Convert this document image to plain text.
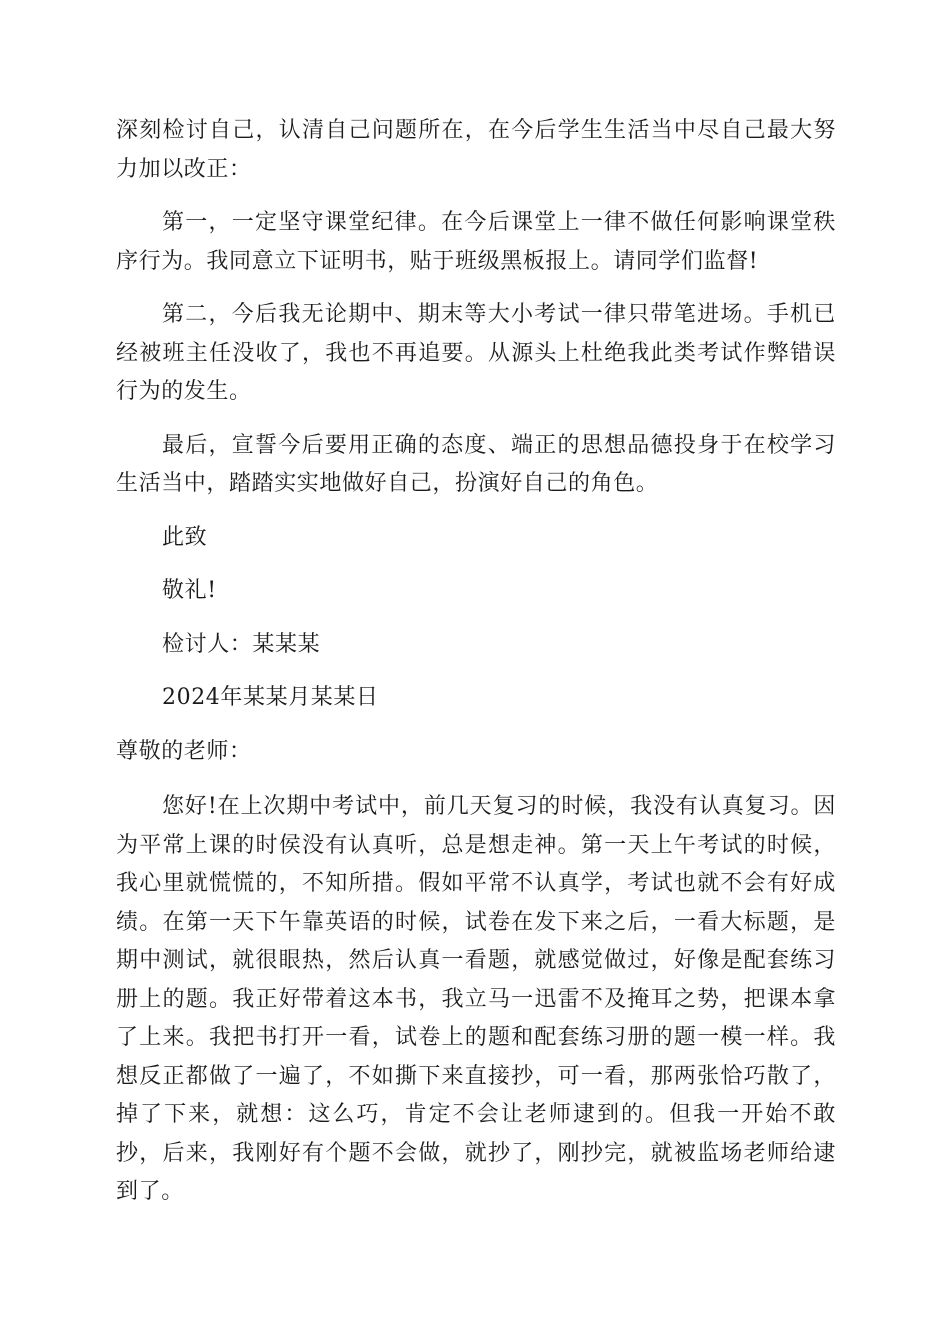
深刻检讨自己，认清自己问题所在，在今后学生生活当中尽自己最大努力加以改正：

第一，一定坚守课堂纪律。在今后课堂上一律不做任何影响课堂秩序行为。我同意立下证明书，贴于班级黑板报上。请同学们监督!

第二，今后我无论期中、期末等大小考试一律只带笔进场。手机已经被班主任没收了，我也不再追要。从源头上杜绝我此类考试作弊错误行为的发生。

最后，宣誓今后要用正确的态度、端正的思想品德投身于在校学习生活当中，踏踏实实地做好自己，扮演好自己的角色。

此致

敬礼!

检讨人：某某某

2024年某某月某某日

尊敬的老师：

您好!在上次期中考试中，前几天复习的时候，我没有认真复习。因为平常上课的时侯没有认真听，总是想走神。第一天上午考试的时候，我心里就慌慌的，不知所措。假如平常不认真学，考试也就不会有好成绩。在第一天下午靠英语的时候，试卷在发下来之后，一看大标题，是期中测试，就很眼热，然后认真一看题，就感觉做过，好像是配套练习册上的题。我正好带着这本书，我立马一迅雷不及掩耳之势，把课本拿了上来。我把书打开一看，试卷上的题和配套练习册的题一模一样。我想反正都做了一遍了，不如撕下来直接抄，可一看，那两张恰巧散了，掉了下来，就想：这么巧，肯定不会让老师逮到的。但我一开始不敢抄，后来，我刚好有个题不会做，就抄了，刚抄完，就被监场老师给逮到了。
